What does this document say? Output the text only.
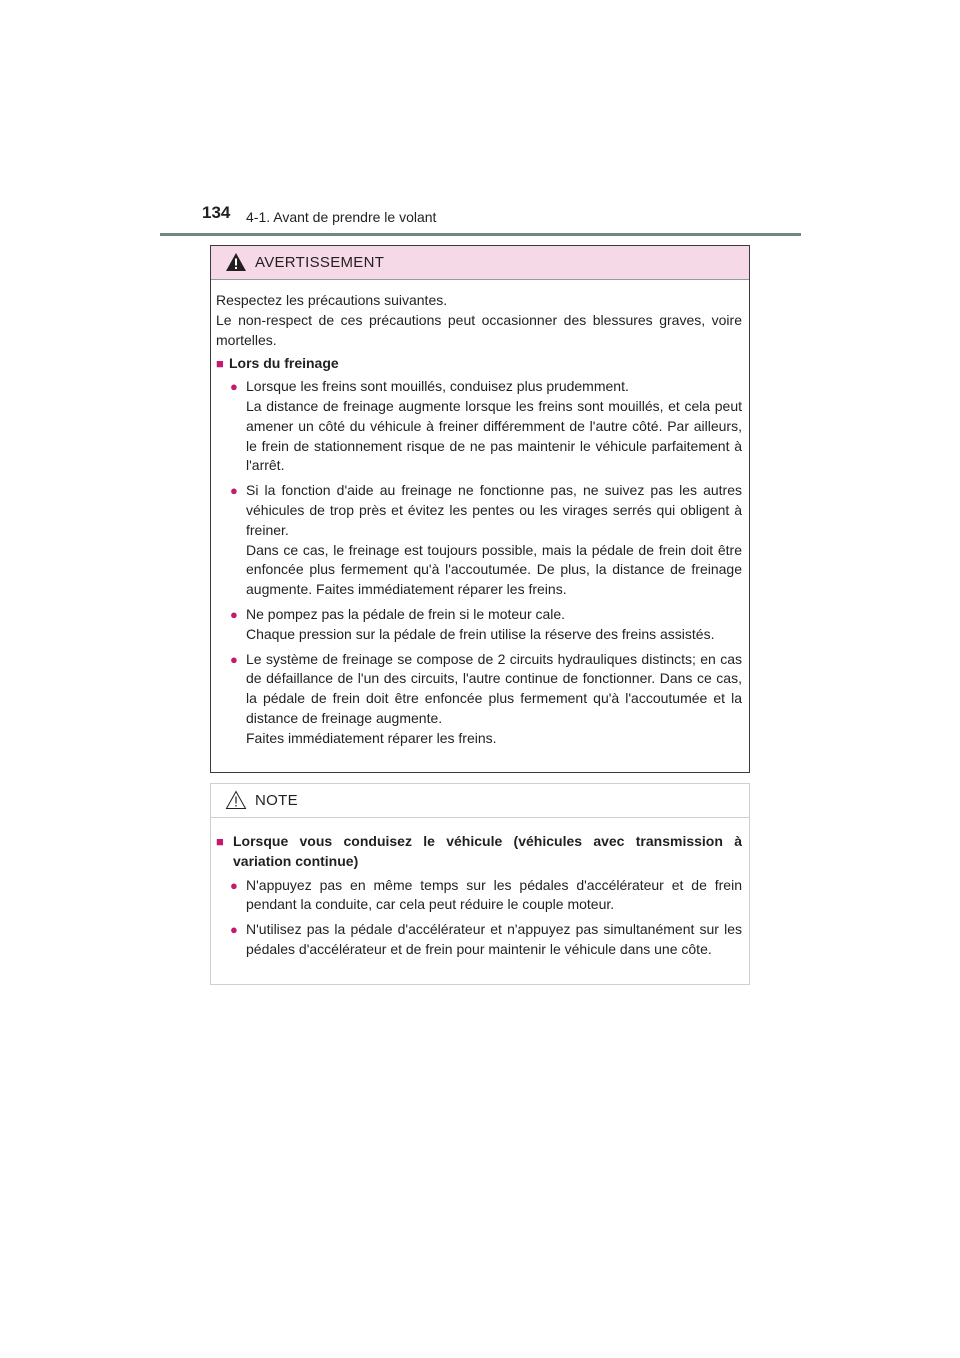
134 4-1. Avant de prendre le volant
AVERTISSEMENT

Respectez les précautions suivantes.
Le non-respect de ces précautions peut occasionner des blessures graves, voire mortelles.

■ Lors du freinage
● Lorsque les freins sont mouillés, conduisez plus prudemment.
La distance de freinage augmente lorsque les freins sont mouillés, et cela peut amener un côté du véhicule à freiner différemment de l'autre côté. Par ailleurs, le frein de stationnement risque de ne pas maintenir le véhicule parfaitement à l'arrêt.
● Si la fonction d'aide au freinage ne fonctionne pas, ne suivez pas les autres véhicules de trop près et évitez les pentes ou les virages serrés qui obligent à freiner.
Dans ce cas, le freinage est toujours possible, mais la pédale de frein doit être enfoncée plus fermement qu'à l'accoutumée. De plus, la distance de freinage augmente. Faites immédiatement réparer les freins.
● Ne pompez pas la pédale de frein si le moteur cale.
Chaque pression sur la pédale de frein utilise la réserve des freins assistés.
● Le système de freinage se compose de 2 circuits hydrauliques distincts; en cas de défaillance de l'un des circuits, l'autre continue de fonctionner. Dans ce cas, la pédale de frein doit être enfoncée plus fermement qu'à l'accoutumée et la distance de freinage augmente.
Faites immédiatement réparer les freins.
NOTE
■ Lorsque vous conduisez le véhicule (véhicules avec transmission à variation continue)
● N'appuyez pas en même temps sur les pédales d'accélérateur et de frein pendant la conduite, car cela peut réduire le couple moteur.
● N'utilisez pas la pédale d'accélérateur et n'appuyez pas simultanément sur les pédales d'accélérateur et de frein pour maintenir le véhicule dans une côte.
